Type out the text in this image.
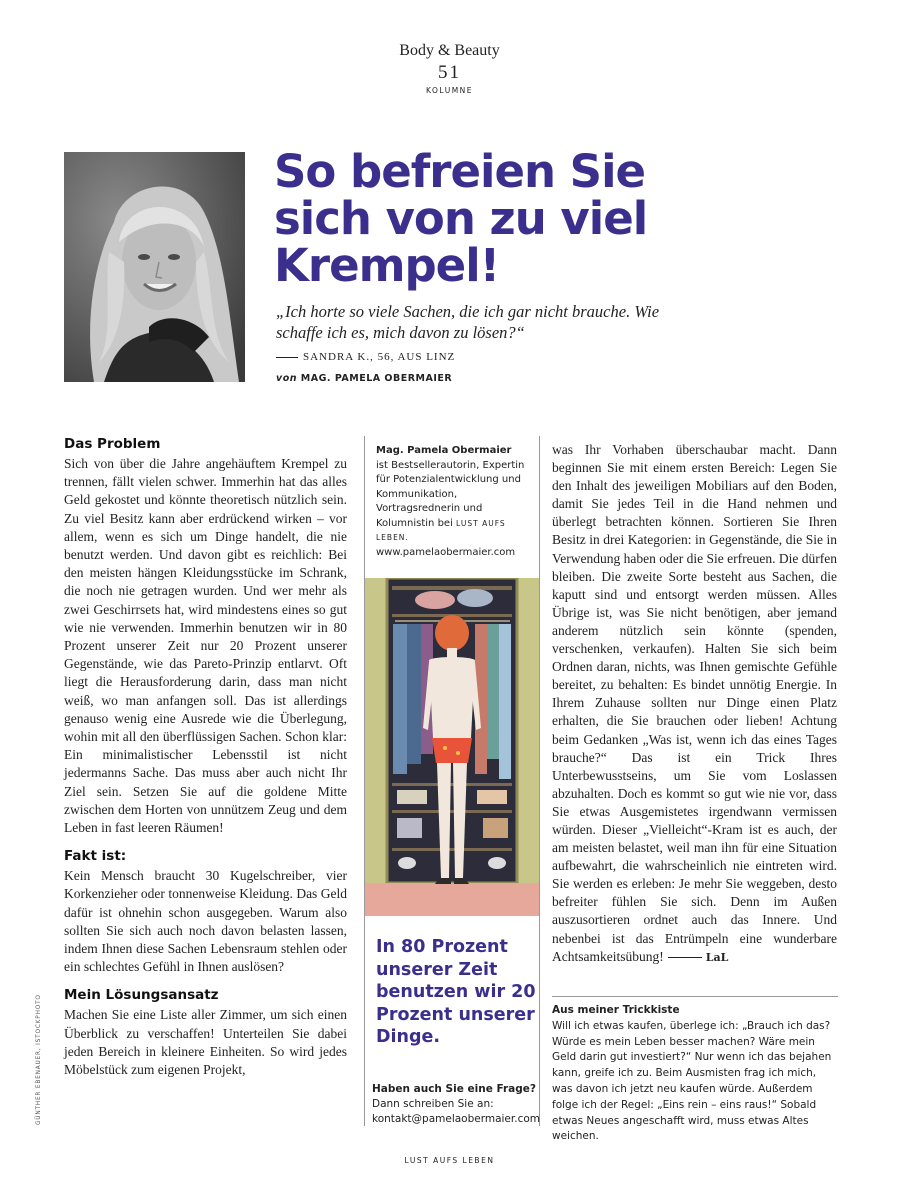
Body & Beauty
51
KOLUMNE
So befreien Sie sich von zu viel Krempel!
„Ich horte so viele Sachen, die ich gar nicht brauche. Wie schaffe ich es, mich davon zu lösen?“
SANDRA K., 56, AUS LINZ
von MAG. PAMELA OBERMAIER
Das Problem

Sich von über die Jahre angehäuftem Krempel zu trennen, fällt vielen schwer. Immerhin hat das alles Geld gekostet und könnte theoretisch nützlich sein. Zu viel Besitz kann aber erdrückend wirken – vor allem, wenn es sich um Dinge handelt, die nie benutzt werden. Und davon gibt es reichlich: Bei den meisten hängen Kleidungsstücke im Schrank, die noch nie getragen wurden. Und wer mehr als zwei Geschirrsets hat, wird mindestens eines so gut wie nie verwenden. Immerhin benutzen wir in 80 Prozent unserer Zeit nur 20 Prozent unserer Gegenstände, wie das Pareto-Prinzip entlarvt. Oft liegt die Herausforderung darin, dass man nicht weiß, wo man anfangen soll. Das ist allerdings genauso wenig eine Ausrede wie die Überlegung, wohin mit all den überflüssigen Sachen. Schon klar: Ein minimalistischer Lebensstil ist nicht jedermanns Sache. Das muss aber auch nicht Ihr Ziel sein. Setzen Sie auf die goldene Mitte zwischen dem Horten von unnützem Zeug und dem Leben in fast leeren Räumen!

Fakt ist:

Kein Mensch braucht 30 Kugelschreiber, vier Korkenzieher oder tonnenweise Kleidung. Das Geld dafür ist ohnehin schon ausgegeben. Warum also sollten Sie sich auch noch davon belasten lassen, indem Ihnen diese Sachen Lebensraum stehlen oder ein schlechtes Gefühl in Ihnen auslösen?

Mein Lösungsansatz

Machen Sie eine Liste aller Zimmer, um sich einen Überblick zu verschaffen! Unterteilen Sie dabei jeden Bereich in kleinere Einheiten. So wird jedes Möbelstück zum eigenen Projekt,

Mag. Pamela Obermaier
ist Bestsellerautorin, Expertin für Potenzialentwicklung und Kommunikation, Vortragsrednerin und Kolumnistin bei LUST AUFS LEBEN.
www.pamelaobermaier.com
In 80 Prozent unserer Zeit benutzen wir 20 Prozent unserer Dinge.
Haben auch Sie eine Frage?
Dann schreiben Sie an:
kontakt@pamelaobermaier.com

was Ihr Vorhaben überschaubar macht. Dann beginnen Sie mit einem ersten Bereich: Legen Sie den Inhalt des jeweiligen Mobiliars auf den Boden, damit Sie jedes Teil in die Hand nehmen und überlegt betrachten können. Sortieren Sie Ihren Besitz in drei Kategorien: in Gegenstände, die Sie in Verwendung haben oder die Sie erfreuen. Die dürfen bleiben. Die zweite Sorte besteht aus Sachen, die kaputt sind und entsorgt werden müssen. Alles Übrige ist, was Sie nicht benötigen, aber jemand anderem nützlich sein könnte (spenden, verschenken, verkaufen). Halten Sie sich beim Ordnen daran, nichts, was Ihnen gemischte Gefühle bereitet, zu behalten: Es bindet unnötig Energie. In Ihrem Zuhause sollten nur Dinge einen Platz erhalten, die Sie brauchen oder lieben! Achtung beim Gedanken „Was ist, wenn ich das eines Tages brauche?“ Das ist ein Trick Ihres Unterbewusstseins, um Sie vom Loslassen abzuhalten. Doch es kommt so gut wie nie vor, dass Sie etwas Ausgemistetes irgendwann vermissen würden. Dieser „Vielleicht“-Kram ist es auch, der am meisten belastet, weil man ihn für eine Situation aufbewahrt, die wahrscheinlich nie eintreten wird. Sie werden es erleben: Je mehr Sie weggeben, desto befreiter fühlen Sie sich. Denn im Außen auszusortieren ordnet auch das Innere. Und nebenbei ist das Entrümpeln eine wunderbare Achtsamkeitsübung!	LaL

Aus meiner Trickkiste
Will ich etwas kaufen, überlege ich: „Brauch ich das? Würde es mein Leben besser machen? Wäre mein Geld darin gut investiert?“ Nur wenn ich das bejahen kann, greife ich zu. Beim Ausmisten frag ich mich, was davon ich jetzt neu kaufen würde. Außerdem folge ich der Regel: „Eins rein – eins raus!“ Sobald etwas Neues angeschafft wird, muss etwas Altes weichen.
GÜNTHER EBENAUER, ISTOCKPHOTO
LUST AUFS LEBEN
